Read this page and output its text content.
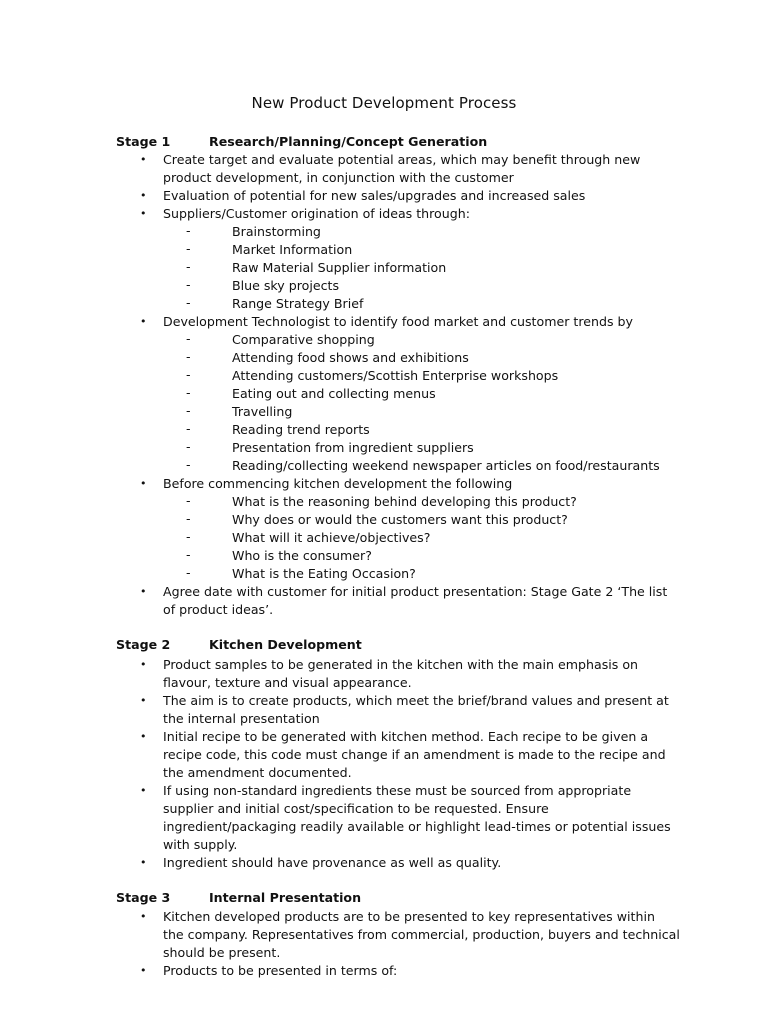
New Product Development Process
Stage 1	Research/Planning/Concept Generation
• Create target and evaluate potential areas, which may benefit through new
product development, in conjunction with the customer
• Evaluation of potential for new sales/upgrades and increased sales
• Suppliers/Customer origination of ideas through:
-	Brainstorming
-	Market Information
-	Raw Material Supplier information
-	Blue sky projects
-	Range Strategy Brief
• Development Technologist to identify food market and customer trends by
-	Comparative shopping
-	Attending food shows and exhibitions
-	Attending customers/Scottish Enterprise workshops
-	Eating out and collecting menus
-	Travelling
-	Reading trend reports
-	Presentation from ingredient suppliers
-	Reading/collecting weekend newspaper articles on food/restaurants
• Before commencing kitchen development the following
-	What is the reasoning behind developing this product?
-	Why does or would the customers want this product?
-	What will it achieve/objectives?
-	Who is the consumer?
-	What is the Eating Occasion?
• Agree date with customer for initial product presentation: Stage Gate 2 ‘The list
of product ideas’.
Stage 2	Kitchen Development
• Product samples to be generated in the kitchen with the main emphasis on
flavour, texture and visual appearance.
• The aim is to create products, which meet the brief/brand values and present at
the internal presentation
• Initial recipe to be generated with kitchen method. Each recipe to be given a
recipe code, this code must change if an amendment is made to the recipe and
the amendment documented.
• If using non-standard ingredients these must be sourced from appropriate
supplier and initial cost/specification to be requested. Ensure
ingredient/packaging readily available or highlight lead-times or potential issues
with supply.
• Ingredient should have provenance as well as quality.
Stage 3	Internal Presentation
• Kitchen developed products are to be presented to key representatives within
the company. Representatives from commercial, production, buyers and technical
should be present.
• Products to be presented in terms of:
